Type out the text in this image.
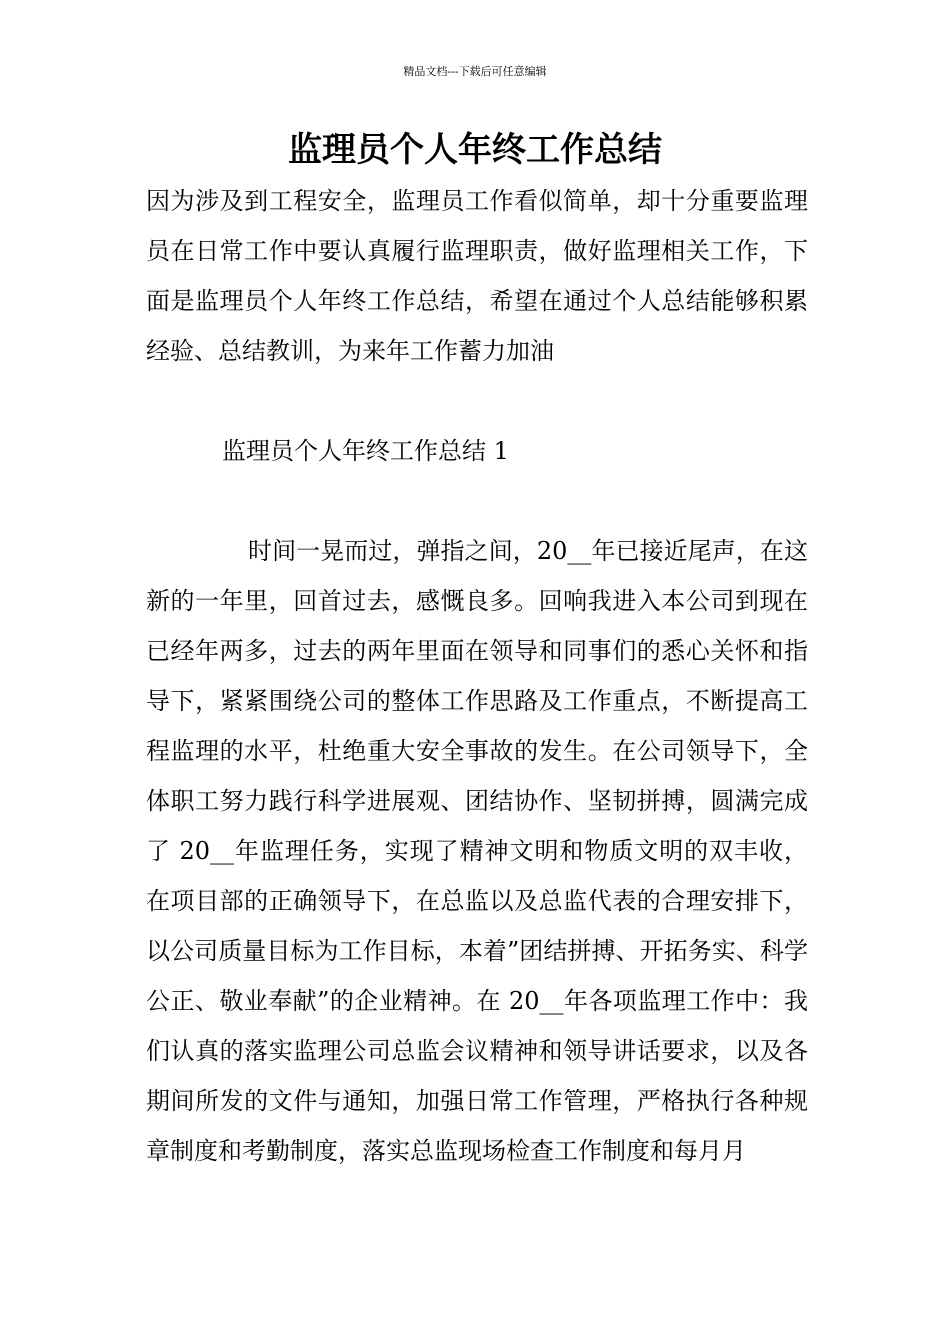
精品文档---下载后可任意编辑
监理员个人年终工作总结

因为涉及到工程安全，监理员工作看似简单，却十分重要监理员在日常工作中要认真履行监理职责，做好监理相关工作，下面是监理员个人年终工作总结，希望在通过个人总结能够积累经验、总结教训，为来年工作蓄力加油

监理员个人年终工作总结 1

时间一晃而过，弹指之间，20__年已接近尾声，在这新的一年里，回首过去，感慨良多。回响我进入本公司到现在已经年两多，过去的两年里面在领导和同事们的悉心关怀和指导下，紧紧围绕公司的整体工作思路及工作重点，不断提高工程监理的水平，杜绝重大安全事故的发生。在公司领导下，全体职工努力践行科学进展观、团结协作、坚韧拼搏，圆满完成了 20__年监理任务，实现了精神文明和物质文明的双丰收，在项目部的正确领导下，在总监以及总监代表的合理安排下，以公司质量目标为工作目标，本着”团结拼搏、开拓务实、科学公正、敬业奉献”的企业精神。在 20__年各项监理工作中：我们认真的落实监理公司总监会议精神和领导讲话要求，以及各期间所发的文件与通知，加强日常工作管理，严格执行各种规章制度和考勤制度，落实总监现场检查工作制度和每月月
